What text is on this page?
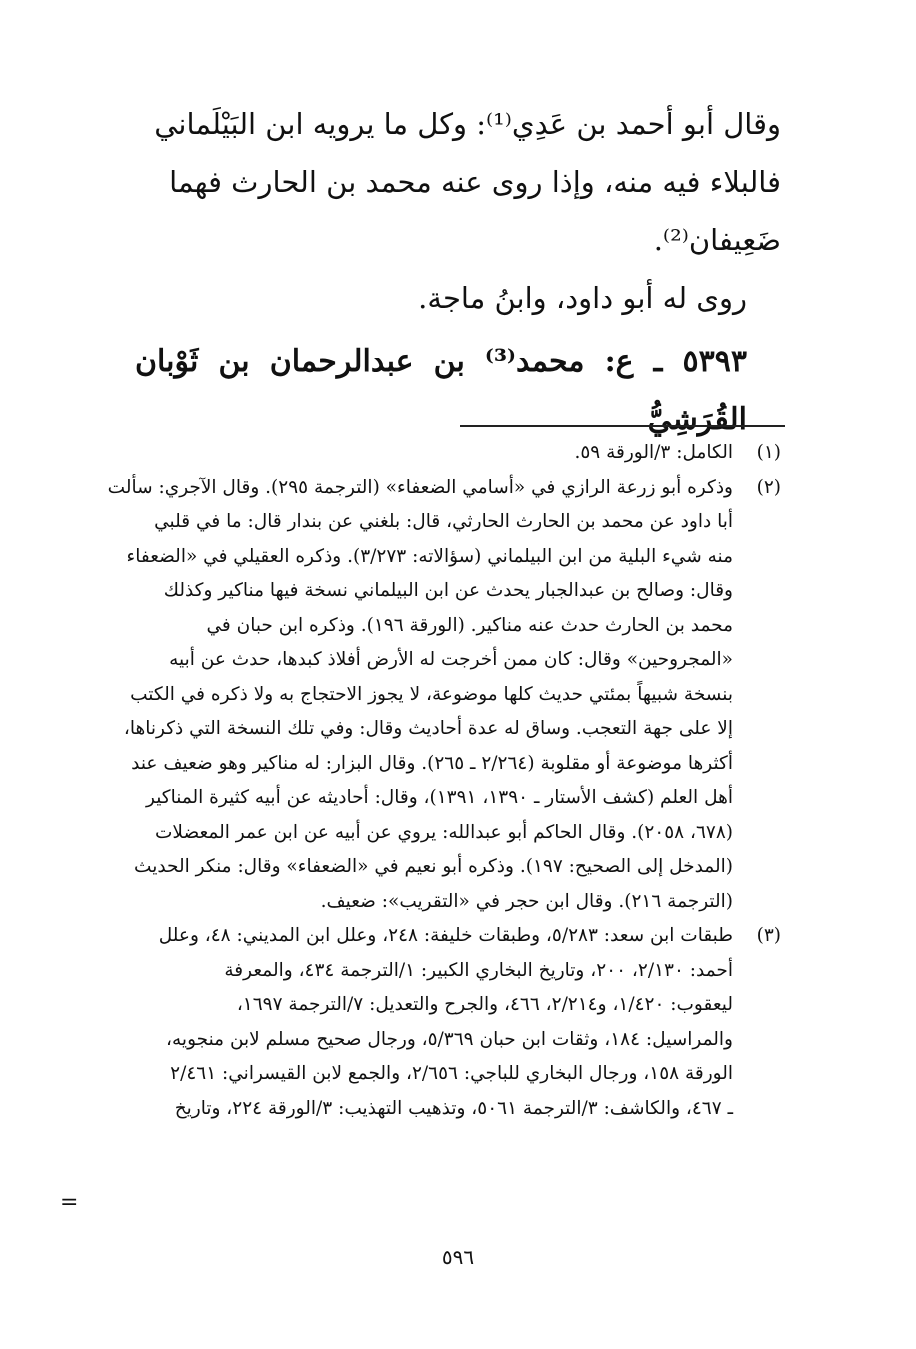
وقال أبو أحمد بن عَدِي⁽¹⁾: وكل ما يرويه ابن البَيْلَماني

فالبلاء فيه منه، وإذا روى عنه محمد بن الحارث فهما

ضَعِيفان⁽²⁾.

روى له أبو داود، وابنُ ماجة.

٥٣٩٣ ـ ع: محمد⁽³⁾ بن عبدالرحمان بن ثَوْبان القُرَشِيُّ

(١)
الكامل: ٣/الورقة ٥٩.
(٢)
وذكره أبو زرعة الرازي في «أسامي الضعفاء» (الترجمة ٢٩٥). وقال الآجري: سألت
أبا داود عن محمد بن الحارث الحارثي، قال: بلغني عن بندار قال: ما في قلبي
منه شيء البلية من ابن البيلماني (سؤالاته: ٣/٢٧٣). وذكره العقيلي في «الضعفاء
وقال: وصالح بن عبدالجبار يحدث عن ابن البيلماني نسخة فيها مناكير وكذلك
محمد بن الحارث حدث عنه مناكير. (الورقة ١٩٦). وذكره ابن حبان في
«المجروحين» وقال: كان ممن أخرجت له الأرض أفلاذ كبدها، حدث عن أبيه
بنسخة شبيهاً بمئتي حديث كلها موضوعة، لا يجوز الاحتجاج به ولا ذكره في الكتب
إلا على جهة التعجب. وساق له عدة أحاديث وقال: وفي تلك النسخة التي ذكرناها،
أكثرها موضوعة أو مقلوبة (٢/٢٦٤ ـ ٢٦٥). وقال البزار: له مناكير وهو ضعيف عند
أهل العلم (كشف الأستار ـ ١٣٩٠، ١٣٩١)، وقال: أحاديثه عن أبيه كثيرة المناكير
(٦٧٨، ٢٠٥٨). وقال الحاكم أبو عبدالله: يروي عن أبيه عن ابن عمر المعضلات
(المدخل إلى الصحيح: ١٩٧). وذكره أبو نعيم في «الضعفاء» وقال: منكر الحديث
(الترجمة ٢١٦). وقال ابن حجر في «التقريب»: ضعيف.
(٣)
طبقات ابن سعد: ٥/٢٨٣، وطبقات خليفة: ٢٤٨، وعلل ابن المديني: ٤٨، وعلل
أحمد: ٢/١٣٠، ٢٠٠، وتاريخ البخاري الكبير: ١/الترجمة ٤٣٤، والمعرفة
ليعقوب: ١/٤٢٠، و٢/٢١٤، ٤٦٦، والجرح والتعديل: ٧/الترجمة ١٦٩٧،
والمراسيل: ١٨٤، وثقات ابن حبان ٥/٣٦٩، ورجال صحيح مسلم لابن منجويه،
الورقة ١٥٨، ورجال البخاري للباجي: ٢/٦٥٦، والجمع لابن القيسراني: ٢/٤٦١
ـ ٤٦٧، والكاشف: ٣/الترجمة ٥٠٦١، وتذهيب التهذيب: ٣/الورقة ٢٢٤، وتاريخ
=
٥٩٦
